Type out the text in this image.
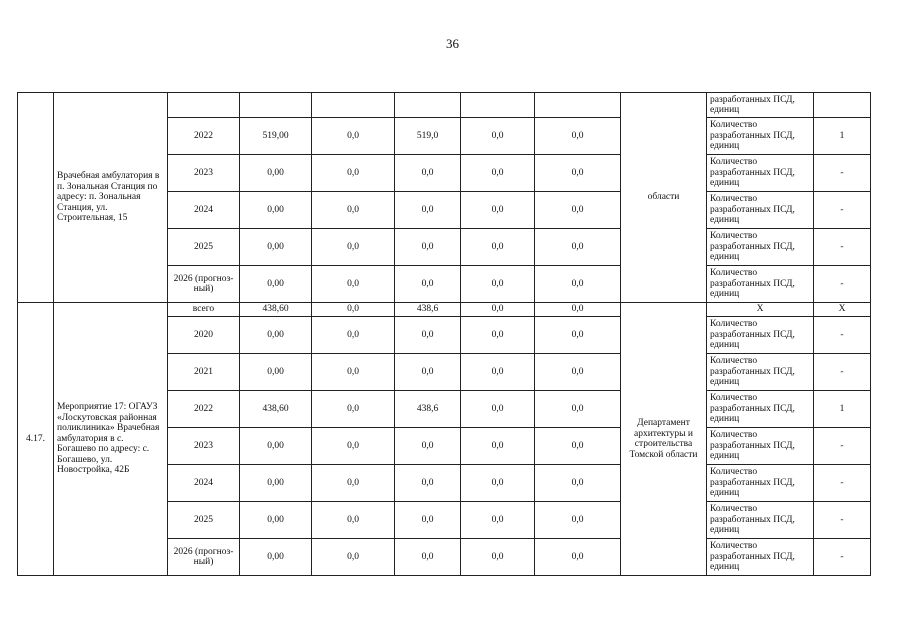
36
	Врачебная амбулатория в п. Зональная Станция по адресу: п. Зональная Станция, ул. Строительная, 15							области	разработанных ПСД, единиц	
		2022	519,00	0,0	519,0	0,0	0,0		Количество разработанных ПСД, единиц	1
		2023	0,00	0,0	0,0	0,0	0,0		Количество разработанных ПСД, единиц	-
		2024	0,00	0,0	0,0	0,0	0,0		Количество разработанных ПСД, единиц	-
		2025	0,00	0,0	0,0	0,0	0,0		Количество разработанных ПСД, единиц	-
		2026 (прогноз-ный)	0,00	0,0	0,0	0,0	0,0		Количество разработанных ПСД, единиц	-
4.17.	Мероприятие 17: ОГАУЗ «Лоскутовская районная поликлиника» Врачебная амбулатория в с. Богашево по адресу: с. Богашево, ул. Новостройка, 42Б	всего	438,60	0,0	438,6	0,0	0,0	Департамент архитектуры и строительства Томской области	X	X
		2020	0,00	0,0	0,0	0,0	0,0		Количество разработанных ПСД, единиц	-
		2021	0,00	0,0	0,0	0,0	0,0		Количество разработанных ПСД, единиц	-
		2022	438,60	0,0	438,6	0,0	0,0		Количество разработанных ПСД, единиц	1
		2023	0,00	0,0	0,0	0,0	0,0		Количество разработанных ПСД, единиц	-
		2024	0,00	0,0	0,0	0,0	0,0		Количество разработанных ПСД, единиц	-
		2025	0,00	0,0	0,0	0,0	0,0		Количество разработанных ПСД, единиц	-
		2026 (прогноз-ный)	0,00	0,0	0,0	0,0	0,0		Количество разработанных ПСД, единиц	-
